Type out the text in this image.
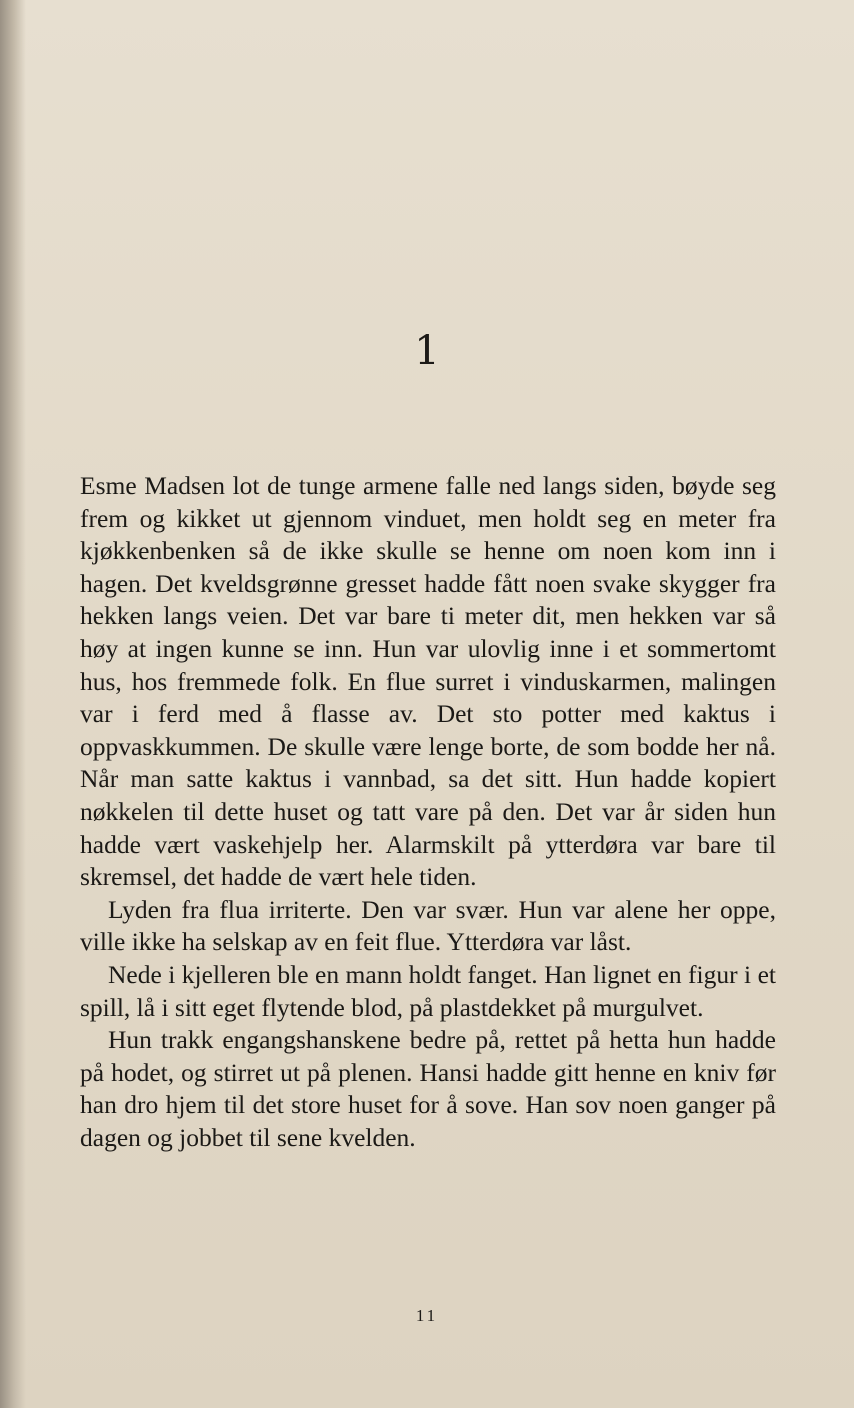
1

Esme Madsen lot de tunge armene falle ned langs siden, bøyde seg frem og kikket ut gjennom vinduet, men holdt seg en meter fra kjøkkenbenken så de ikke skulle se henne om noen kom inn i hagen. Det kveldsgrønne gresset hadde fått noen svake skygger fra hekken langs veien. Det var bare ti meter dit, men hekken var så høy at ingen kunne se inn. Hun var ulovlig inne i et sommertomt hus, hos fremmede folk. En flue surret i vinduskarmen, malingen var i ferd med å flasse av. Det sto potter med kaktus i oppvaskkummen. De skulle være lenge borte, de som bodde her nå. Når man satte kaktus i vannbad, sa det sitt. Hun hadde kopiert nøkkelen til dette huset og tatt vare på den. Det var år siden hun hadde vært vaskehjelp her. Alarmskilt på ytterdøra var bare til skremsel, det hadde de vært hele tiden.

Lyden fra flua irriterte. Den var svær. Hun var alene her oppe, ville ikke ha selskap av en feit flue. Ytterdøra var låst.

Nede i kjelleren ble en mann holdt fanget. Han lignet en figur i et spill, lå i sitt eget flytende blod, på plastdekket på murgulvet.

Hun trakk engangshanskene bedre på, rettet på hetta hun hadde på hodet, og stirret ut på plenen. Hansi hadde gitt henne en kniv før han dro hjem til det store huset for å sove. Han sov noen ganger på dagen og jobbet til sene kvelden.

11
